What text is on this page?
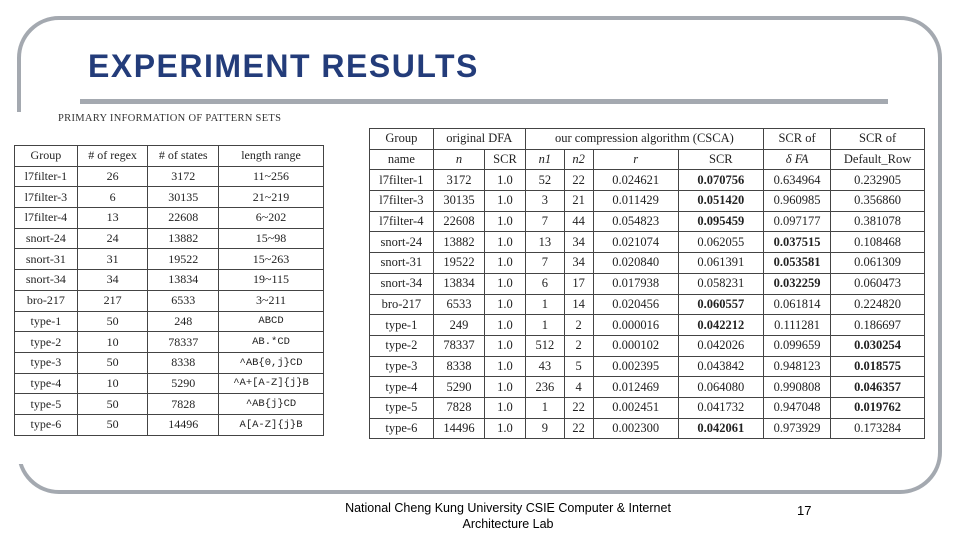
EXPERIMENT RESULTS
PRIMARY INFORMATION OF PATTERN SETS
Group	# of regex	# of states	length range
l7filter-1	26	3172	11~256
l7filter-3	6	30135	21~219
l7filter-4	13	22608	6~202
snort-24	24	13882	15~98
snort-31	31	19522	15~263
snort-34	34	13834	19~115
bro-217	217	6533	3~211
type-1	50	248	ABCD
type-2	10	78337	AB.*CD
type-3	50	8338	^AB{0,j}CD
type-4	10	5290	^A+[A-Z]{j}B
type-5	50	7828	^AB{j}CD
type-6	50	14496	A[A-Z]{j}B
Group	original DFA		our compression algorithm (CSCA)				SCR of	SCR of
name	n	SCR	n1	n2	r	SCR	δ FA	Default_Row
l7filter-1	3172	1.0	52	22	0.024621	0.070756	0.634964	0.232905
l7filter-3	30135	1.0	3	21	0.011429	0.051420	0.960985	0.356860
l7filter-4	22608	1.0	7	44	0.054823	0.095459	0.097177	0.381078
snort-24	13882	1.0	13	34	0.021074	0.062055	0.037515	0.108468
snort-31	19522	1.0	7	34	0.020840	0.061391	0.053581	0.061309
snort-34	13834	1.0	6	17	0.017938	0.058231	0.032259	0.060473
bro-217	6533	1.0	1	14	0.020456	0.060557	0.061814	0.224820
type-1	249	1.0	1	2	0.000016	0.042212	0.111281	0.186697
type-2	78337	1.0	512	2	0.000102	0.042026	0.099659	0.030254
type-3	8338	1.0	43	5	0.002395	0.043842	0.948123	0.018575
type-4	5290	1.0	236	4	0.012469	0.064080	0.990808	0.046357
type-5	7828	1.0	1	22	0.002451	0.041732	0.947048	0.019762
type-6	14496	1.0	9	22	0.002300	0.042061	0.973929	0.173284
National Cheng Kung University CSIE Computer & Internet Architecture Lab
17
